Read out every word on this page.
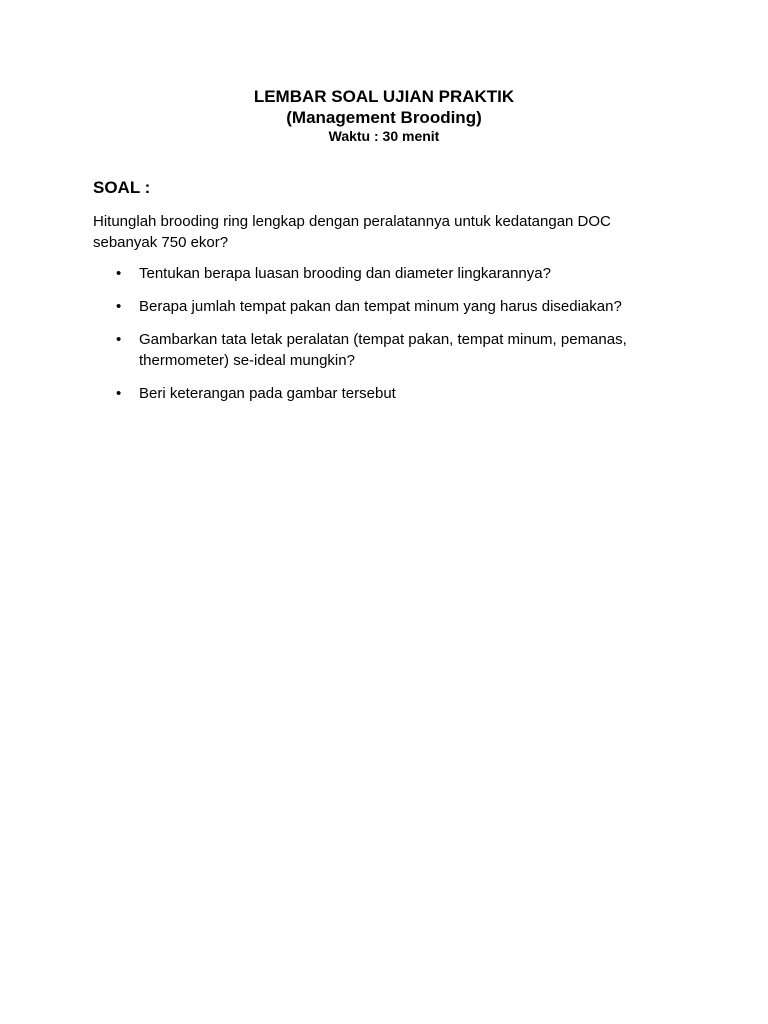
LEMBAR SOAL UJIAN PRAKTIK

(Management Brooding)

Waktu : 30 menit

SOAL :

Hitunglah brooding ring lengkap dengan peralatannya untuk kedatangan DOC sebanyak 750 ekor?

• Tentukan berapa luasan brooding dan diameter lingkarannya?
• Berapa jumlah tempat pakan dan tempat minum yang harus disediakan?
• Gambarkan tata letak peralatan (tempat pakan, tempat minum, pemanas, thermometer) se-ideal mungkin?
• Beri keterangan pada gambar tersebut
